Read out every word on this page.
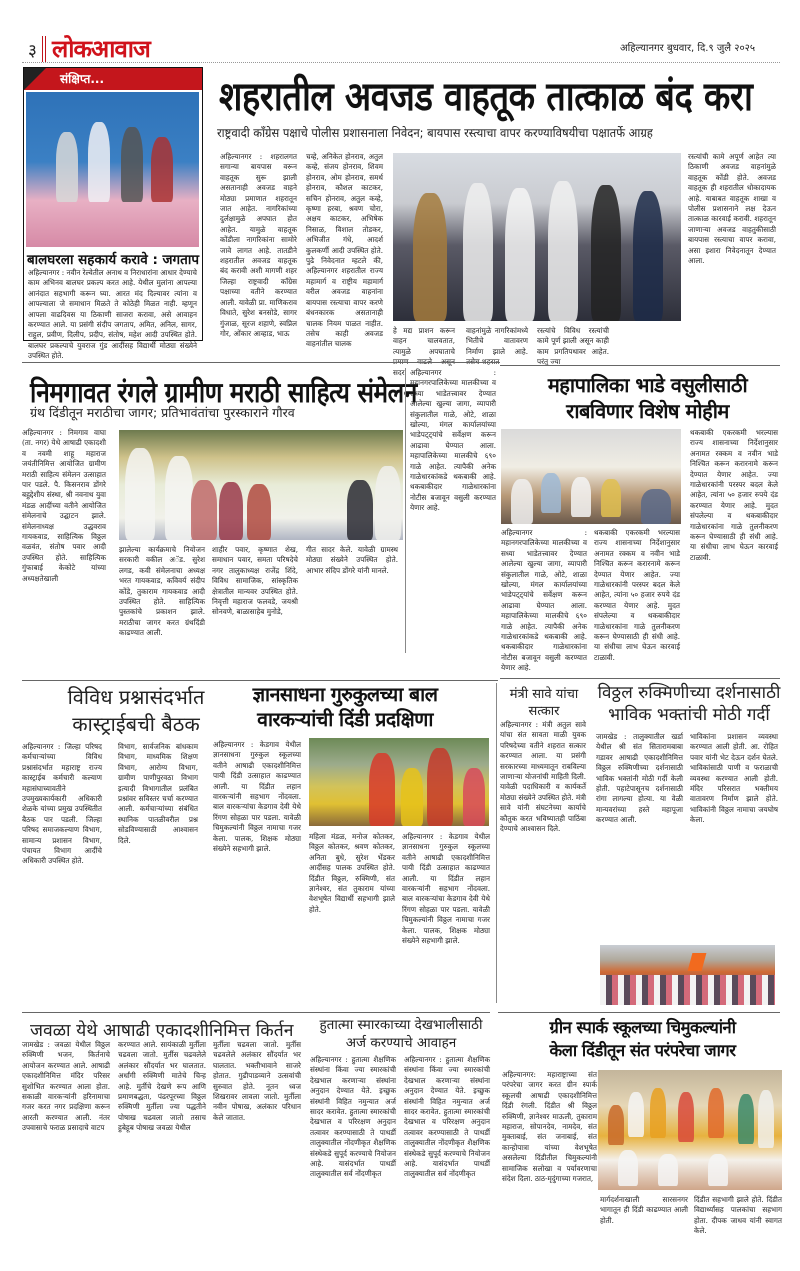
३ लोकआवाज	अहिल्यानगर बुधवार, दि.९ जुलै २०२५
संक्षिप्त...
बालघरला सहकार्य करावे : जगताप
अहिल्यानगर : नवीन रेल्वेतील अनाथ व निराधारांना आधार देण्याचे काम अभिनव बालघर प्रकल्प करत आहे. येथील मुलांना आपल्या आनंदात सहभागी करून घ्या. आरत मंद दिल्यावर त्यांना व आपल्याला जे समाधान मिळते ते कोठेही मिळत नाही. म्हणून आपला वाढदिवस या ठिकाणी साजरा करावा, असे आवाहन करण्यात आले. या प्रसंगी संदीप जगताप, अमित, अनिल, सागर, राहुल, प्रवीण, दिलीप, प्रदीप, संतोष, महेश आदी उपस्थित होते. बालघर प्रकल्पाचे युवराज गुंड आदींसह विद्यार्थी मोठ्या संख्येने उपस्थित होते.
शहरातील अवजड वाहतूक तात्काळ बंद करा
राष्ट्रवादी काँग्रेस पक्षाचे पोलीस प्रशासनाला निवेदन; बायपास रस्त्याचा वापर करण्याविषयीचा पक्षातर्फे आग्रह
अहिल्यानगर : शहरालगत सगान्या बायपास वरून वाहतूक सुरू झाली असतानाही अवजड वाहने मोठ्या प्रमाणात शहरातून जात आहेत. नागरिकांच्या दुर्लक्षामुळे अपघात होत आहेत. यामुळे वाहतूक कोंडीला नागरिकांना सामोरे जावे लागत आहे. तातडीने शहरातील अवजड वाहतूक बंद करावी अशी मागणी शहर जिल्हा राष्ट्रवादी काँग्रेस पक्षाच्या वतीने करण्यात आली. यावेळी प्रा. माणिकराव विधाते, सुरेश बनसोडे, सागर गुंजाळ, सूरज शहाणे, स्वप्निल गोर, ओंकार आव्हाड, भाऊ
चव्हे, अनिकेत होनराव, अतुल कव्हे, संजय होनराव, शिवम होनराव, ओम होनराव, समर्थ होनराव, कौशल काटकर, सचिन होनराव, अतुल कव्हे, कृष्णा हरबा, श्रवण चोरा, अक्षय काटकर, अभिषेक निसाळ, विशाल तोडकर, अभिजीत गंधे, आदर्श कुलकर्णी आदी उपस्थित होते. पुढे निवेदनात म्हटले की, अहिल्यानगर शहरातील राज्य महामार्ग व राष्ट्रीय महामार्ग वरील अवजड वाहनांना बायपास रस्त्याचा वापर करणे बंधनकारक असतानाही चालक नियम पाळत नाहीत. तसेच काही अवजड वाहनांतील चालक
हे मद्य प्राशन करून वाहन चालवतात, त्यामुळे अपघाताचे प्रमाण वाढले असून सदर
वाहनांमुळे नागरिकांमध्ये भितीचे वातावरण निर्माण झाले आहे. तसेच शहरात
रस्त्यांचे विविध रस्त्यांची कामे पूर्ण झाली असून काही काम प्रगतिपथावर आहेत. परंतु ज्या
रस्त्यांची कामे अपूर्ण आहेत त्या ठिकाणी अवजड वाहनांमुळे वाहतूक कोंडी होते. अवजड वाहतूक ही शहरातील धोकादायक आहे. याबाबत वाहतूक शाखा व पोलीस प्रशासनाने लक्ष देऊन तात्काळ कारवाई करावी. शहरातून जाणाऱ्या अवजड वाहतुकीसाठी बायपास रस्त्याचा वापर करावा, असा इशारा निवेदनातून देण्यात आला.
निमगावत रंगले ग्रामीण मराठी साहित्य संमेलन
ग्रंथ दिंडीतून मराठीचा जागर; प्रतिभावंतांचा पुरस्काराने गौरव
अहिल्यानगर : निमगाव वाघा (ता. नगर) येथे आषाढी एकादशी व नवमी शाहू महाराज जयंतीनिमित्त आयोजित ग्रामीण मराठी साहित्य संमेलन उत्साहात पार पडले. पै. किसनराव डोंगरे बहुद्देशीय संस्था, श्री नवनाथ युवा मंडळ आदींच्या वतीने आयोजित संमेलनाचे उद्घाटन झाले. संमेलनाध्यक्ष उद्धवराव गायकवाड, साहित्यिक विठ्ठल वळवंत, संतोष पवार आदी उपस्थित होते. साहित्यिक गुंफाबाई केकोटे यांच्या अध्यक्षतेखाली
झालेल्या कार्यक्रमाचे नियोजन सरकारी वकील अॅड. सुरेश लगड, कवी संमेलनाचा अध्यक्ष भरत गायकवाड, कविवर्य संदीप कोंडे, तुकाराम गायकवाड आदी उपस्थित होते. साहित्यिक पुस्तकांचे प्रकाशन झाले. मराठीचा जागर करत ग्रंथदिंडी काढण्यात आली.
शाहीर पवार, कृष्णात शेख, समाधान पवार, समता परिषदेचे नगर तालुकाध्यक्ष राजेंद्र शिंदे, विविध सामाजिक, सांस्कृतिक क्षेत्रातील मान्यवर उपस्थित होते. निवृत्ती महाराज फलवडे, जयश्री सोनवणे, बाळासाहेब मुनोडे,
गीत सादर केले. यावेळी ग्रामस्थ मोठ्या संख्येने उपस्थित होते. आभार संदिप डोंगरे यांनी मानले.
अहिल्यानगर : महानगरपालिकेच्या मालकीच्या व सध्या भाडेतत्त्वावर देण्यात आलेल्या खुल्या जागा, व्यापारी संकुलातील गाळे, ओटे, शाळा खोल्या, मंगल कार्यालयांच्या भाडेपट्ट्यांचे सर्वेक्षण करून आढावा घेण्यात आला. महापालिकेच्या मालकीचे ६९० गाळे आहेत. त्यापैकी अनेक गाळेधारकांकडे थकबाकी आहे. थकबाकीदार गाळेधारकांना नोटीस बजावून वसुली करण्यात येणार आहे.
महापालिका भाडे वसुलीसाठी
राबविणार विशेष मोहीम
अहिल्यानगर : महानगरपालिकेच्या मालकीच्या व सध्या भाडेतत्त्वावर देण्यात आलेल्या खुल्या जागा, व्यापारी संकुलातील गाळे, ओटे, शाळा खोल्या, मंगल कार्यालयांच्या भाडेपट्ट्यांचे सर्वेक्षण करून आढावा घेण्यात आला. महापालिकेच्या मालकीचे ६९० गाळे आहेत. त्यापैकी अनेक गाळेधारकांकडे थकबाकी आहे. थकबाकीदार गाळेधारकांना नोटीस बजावून वसुली करण्यात येणार आहे.
थकबाकी एकरकमी भरल्यास राज्य शासनाच्या निर्देशानुसार अनामत रक्कम व नवीन भाडे निश्चित करून करारनामे करून देण्यात येणार आहेत. ज्या गाळेधारकांनी परस्पर बदल केले आहेत, त्यांना ५० हजार रुपये दंड करण्यात येणार आहे. मुदत संपलेल्या व थकबाकीदार गाळेधारकांना गाळे तुलनीकरण करून घेण्यासाठी ही संधी आहे. या संधीचा लाभ घेऊन कारवाई टाळावी.
थकबाकी एकरकमी भरल्यास राज्य शासनाच्या निर्देशानुसार अनामत रक्कम व नवीन भाडे निश्चित करून करारनामे करून देण्यात येणार आहेत. ज्या गाळेधारकांनी परस्पर बदल केले आहेत, त्यांना ५० हजार रुपये दंड करण्यात येणार आहे. मुदत संपलेल्या व थकबाकीदार गाळेधारकांना गाळे तुलनीकरण करून घेण्यासाठी ही संधी आहे. या संधीचा लाभ घेऊन कारवाई टाळावी.
विविध प्रश्नासंदर्भात
कास्ट्राईबची बैठक
अहिल्यानगर : जिल्हा परिषद कर्मचाऱ्यांच्या विविध प्रश्नासंदर्भात महाराष्ट्र राज्य कास्ट्राईब कर्मचारी कल्याण महासंघाच्यावतीने उपमुख्यकार्यकारी अधिकारी शेळके यांच्या प्रमुख उपस्थितीत बैठक पार पडली. जिल्हा परिषद समाजकल्याण विभाग, सामान्य प्रशासन विभाग, पंचायत विभाग आदींचे अधिकारी उपस्थित होते.
विभाग, सार्वजनिक बांधकाम विभाग, माध्यमिक शिक्षण विभाग, आरोग्य विभाग, ग्रामीण पाणीपुरवठा विभाग इत्यादी विभागातील प्रलंबित प्रश्नांवर सविस्तर चर्चा करण्यात आली. कर्मचाऱ्यांच्या संबंधित स्थानिक पातळीवरील प्रश्न सोडविण्यासाठी आश्वासन दिले.
ज्ञानसाधना गुरुकुलच्या बाल
वारकऱ्यांची दिंडी प्रदक्षिणा
अहिल्यानगर : केडगाव येथील ज्ञानसाधना गुरुकुल स्कूलच्या वतीने आषाढी एकादशीनिमित्त पायी दिंडी उत्साहात काढण्यात आली. या दिंडीत लहान वारकऱ्यांनी सहभाग नोंदवला. बाल वारकऱ्यांचा केडगाव देवी येथे रिंगण सोहळा पार पडला. यावेळी चिमुकल्यांनी विठ्ठल नामाचा गजर केला. पालक, शिक्षक मोठ्या संख्येने सहभागी झाले.
महिला मंडळ, मनोज कोतकर, विठ्ठल कोतकर, श्रवण कोतकर, अनिता बुधे, सुरेश भेंडकर आदींसह पालक उपस्थित होते. दिंडीत विठ्ठल, रुक्मिणी, संत ज्ञानेश्वर, संत तुकाराम यांच्या वेशभूषेत विद्यार्थी सहभागी झाले होते.
अहिल्यानगर : केडगाव येथील ज्ञानसाधना गुरुकुल स्कूलच्या वतीने आषाढी एकादशीनिमित्त पायी दिंडी उत्साहात काढण्यात आली. या दिंडीत लहान वारकऱ्यांनी सहभाग नोंदवला. बाल वारकऱ्यांचा केडगाव देवी येथे रिंगण सोहळा पार पडला. यावेळी चिमुकल्यांनी विठ्ठल नामाचा गजर केला. पालक, शिक्षक मोठ्या संख्येने सहभागी झाले.
मंत्री सावे यांचा
सत्कार
अहिल्यानगर : मंत्री अतुल सावे यांचा संत सावता माळी युवक परिषदेच्या वतीने शहरात सत्कार करण्यात आला. या प्रसंगी सरकारच्या माध्यमातून राबविल्या जाणाऱ्या योजनांची माहिती दिली. यावेळी पदाधिकारी व कार्यकर्ते मोठ्या संख्येने उपस्थित होते. मंत्री सावे यांनी संघटनेच्या कार्याचे कौतुक करत भविष्यातही पाठिंबा देण्याचे आश्वासन दिले.
विठ्ठल रुक्मिणीच्या दर्शनासाठी
भाविक भक्तांची मोठी गर्दी
जामखेड : तालुक्यातील खर्डा येथील श्री संत सितारामबाबा गडावर आषाढी एकादशीनिमित्त विठ्ठल रुक्मिणीच्या दर्शनासाठी भाविक भक्तांनी मोठी गर्दी केली होती. पहाटेपासूनच दर्शनासाठी रांगा लागल्या होत्या. या वेळी मान्यवरांच्या हस्ते महापूजा करण्यात आली.
भाविकांना प्रशासन व्यवस्था करण्यात आली होती. आ. रोहित पवार यांनी भेट देऊन दर्शन घेतले. भाविकांसाठी पाणी व फराळाची व्यवस्था करण्यात आली होती. मंदिर परिसरात भक्तीमय वातावरण निर्माण झाले होते. भाविकांनी विठ्ठल नामाचा जयघोष केला.
जवळा येथे आषाढी एकादशीनिमित्त किर्तन
जामखेड : जवळा येथील विठ्ठल रुक्मिणी भजन, किर्तनाचे आयोजन करण्यात आले. आषाढी एकादशीनिमित्त मंदिर परिसर सुशोभित करण्यात आला होता. सकाळी वारकऱ्यांनी हरिनामाचा गजर करत नगर प्रदक्षिणा करून आरती करण्यात आली. नंतर उपवासाचे फराळ प्रसादाचे वाटप
करण्यात आले. सायंकाळी मुर्तीला चढवला जातो. मुर्तीस चढवलेले अलंकार सौंदर्यात भर घालतात. अर्धांगी रुक्मिणी मातेचे चिन्ह आहे. मुर्तीचे देखणे रूप आणि प्रमाणबद्धता, पंढरपूरच्या विठ्ठल रुक्मिणी मुर्तीला ज्या पद्धतीने पोषाख चढवला जातो तसाच हुबेहूब पोषाख जवळा येथील
मुर्तीला चढवला जातो. मुर्तीस चढवलेले अलंकार सौंदर्यात भर घालतात. भक्तीभावाने साजरे होतात. गुढीपाडव्याने उत्सवांची सुरुवात होते. नूतन ध्वज शिखरावर लावला जातो. मुर्तीला नवीन पोषाख, अलंकार परिधान केले जातात.
हुतात्मा स्मारकाच्या देखभालीसाठी
अर्ज करण्याचे आवाहन
अहिल्यानगर : हुतात्मा शैक्षणिक संस्थांना किंवा ज्या स्मारकांची देखभाल करणाऱ्या संस्थांना अनुदान देण्यात येते. इच्छुक संस्थांनी विहित नमुन्यात अर्ज सादर करावेत. हुतात्मा स्मारकांची देखभाल व परिरक्षण अनुदान तत्वावर करण्यासाठी ते पाथर्डी तालुक्यातील नोंदणीकृत शैक्षणिक संस्थेकडे सुपूर्द करण्याचे नियोजन आहे. यासंदर्भात पाथर्डी तालुक्यातील सर्व नोंदणीकृत
अहिल्यानगर : हुतात्मा शैक्षणिक संस्थांना किंवा ज्या स्मारकांची देखभाल करणाऱ्या संस्थांना अनुदान देण्यात येते. इच्छुक संस्थांनी विहित नमुन्यात अर्ज सादर करावेत. हुतात्मा स्मारकांची देखभाल व परिरक्षण अनुदान तत्वावर करण्यासाठी ते पाथर्डी तालुक्यातील नोंदणीकृत शैक्षणिक संस्थेकडे सुपूर्द करण्याचे नियोजन आहे. यासंदर्भात पाथर्डी तालुक्यातील सर्व नोंदणीकृत
ग्रीन स्पार्क स्कूलच्या चिमुकल्यांनी
केला दिंडीतून संत परंपरेचा जागर
अहिल्यानगर: महाराष्ट्राच्या संत परंपरेचा जागर करत ग्रीन स्पार्क स्कूलची आषाढी एकादशीनिमित्त दिंडी रंगली. दिंडीत श्री विठ्ठल रुक्मिणी, ज्ञानेश्वर माऊली, तुकाराम महाराज, सोपानदेव, नामदेव, संत मुक्ताबाई, संत जनाबाई, संत कान्होपात्रा यांच्या वेशभूषेत असलेल्या दिंडीतील चिमुकल्यांनी सामाजिक सलोखा व पर्यावरणाचा संदेश दिला. ठाठ-मृदुंगाच्या गजरात,
मार्गदर्शनाखाली सारसनगर भागातून ही दिंडी काढण्यात आली होती.
दिंडीत सहभागी झाले होते. दिंडीत विद्यार्थ्यांसह पालकांचा सहभाग होता. दीपक जाधव यांनी स्वागत केले.
